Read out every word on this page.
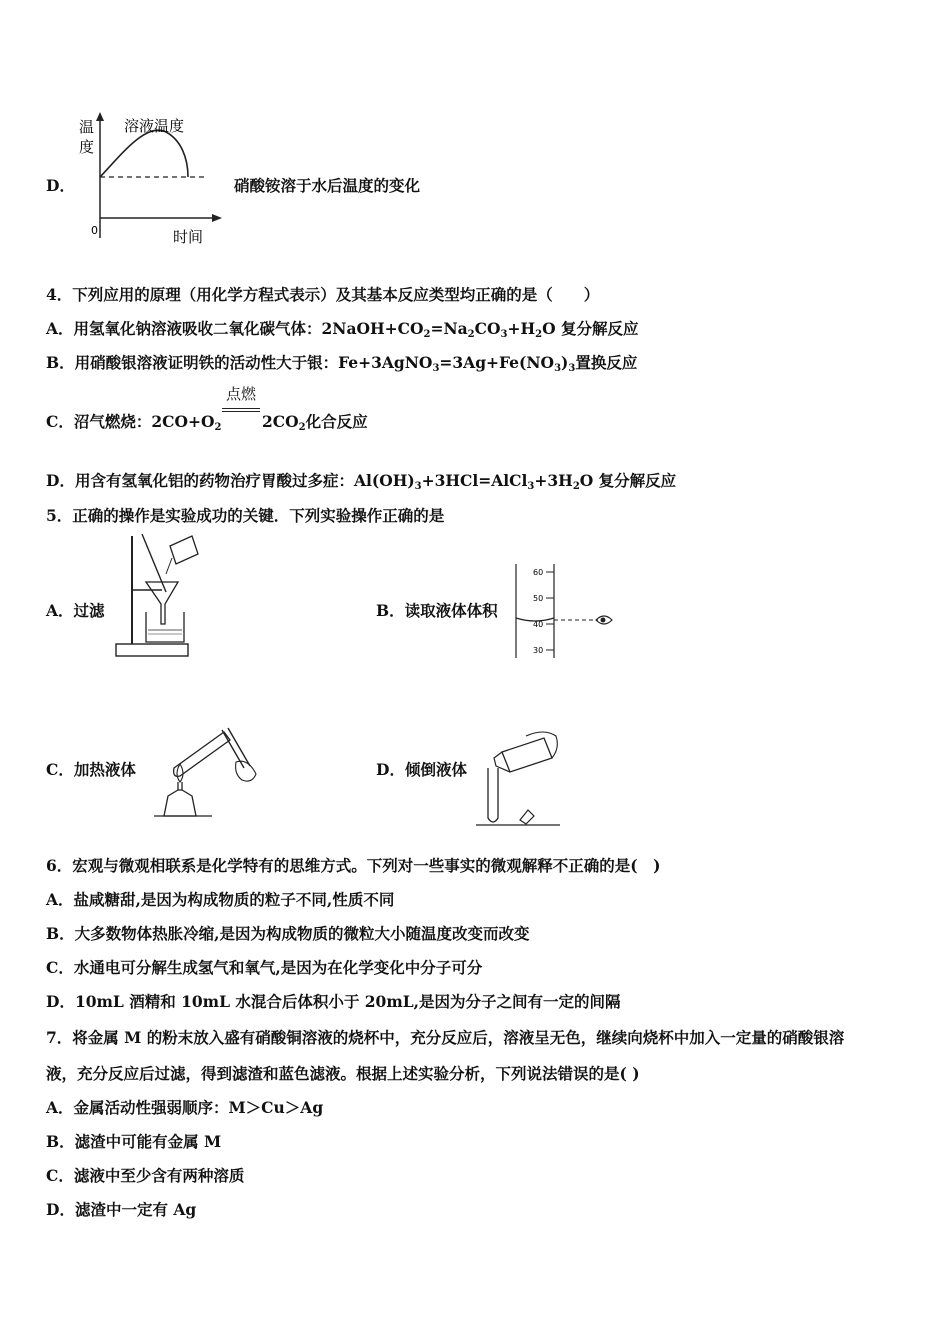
D．
温
度
溶液温度
0	时间
硝酸铵溶于水后温度的变化
4．下列应用的原理（用化学方程式表示）及其基本反应类型均正确的是（　　）
A．用氢氧化钠溶液吸收二氧化碳气体：$2NaOH+CO_2=Na_2CO_3+H_2O$ 复分解反应
B．用硝酸银溶液证明铁的活动性大于银：$Fe+3AgNO_3=3Ag+Fe(NO_3)_3$置换反应
C．沼气燃烧：$2CO+O_2$
点燃
$2CO_2$化合反应
D．用含有氢氧化铝的药物治疗胃酸过多症：$Al(OH)_3+3HCl=AlCl_3+3H_2O$ 复分解反应
5．正确的操作是实验成功的关键．下列实验操作正确的是
A．过滤	B．读取液体体积
60
50
40
30
C．加热液体	D．倾倒液体
6．宏观与微观相联系是化学特有的思维方式。下列对一些事实的微观解释不正确的是(　)
A．盐咸糖甜,是因为构成物质的粒子不同,性质不同
B．大多数物体热胀冷缩,是因为构成物质的微粒大小随温度改变而改变
C．水通电可分解生成氢气和氧气,是因为在化学变化中分子可分
D．10mL 酒精和 10mL 水混合后体积小于 20mL,是因为分子之间有一定的间隔
7．将金属 M 的粉末放入盛有硝酸铜溶液的烧杯中，充分反应后，溶液呈无色，继续向烧杯中加入一定量的硝酸银溶
液，充分反应后过滤，得到滤渣和蓝色滤液。根据上述实验分析，下列说法错误的是( )
A．金属活动性强弱顺序：M＞Cu＞Ag
B．滤渣中可能有金属 M
C．滤液中至少含有两种溶质
D．滤渣中一定有 Ag
